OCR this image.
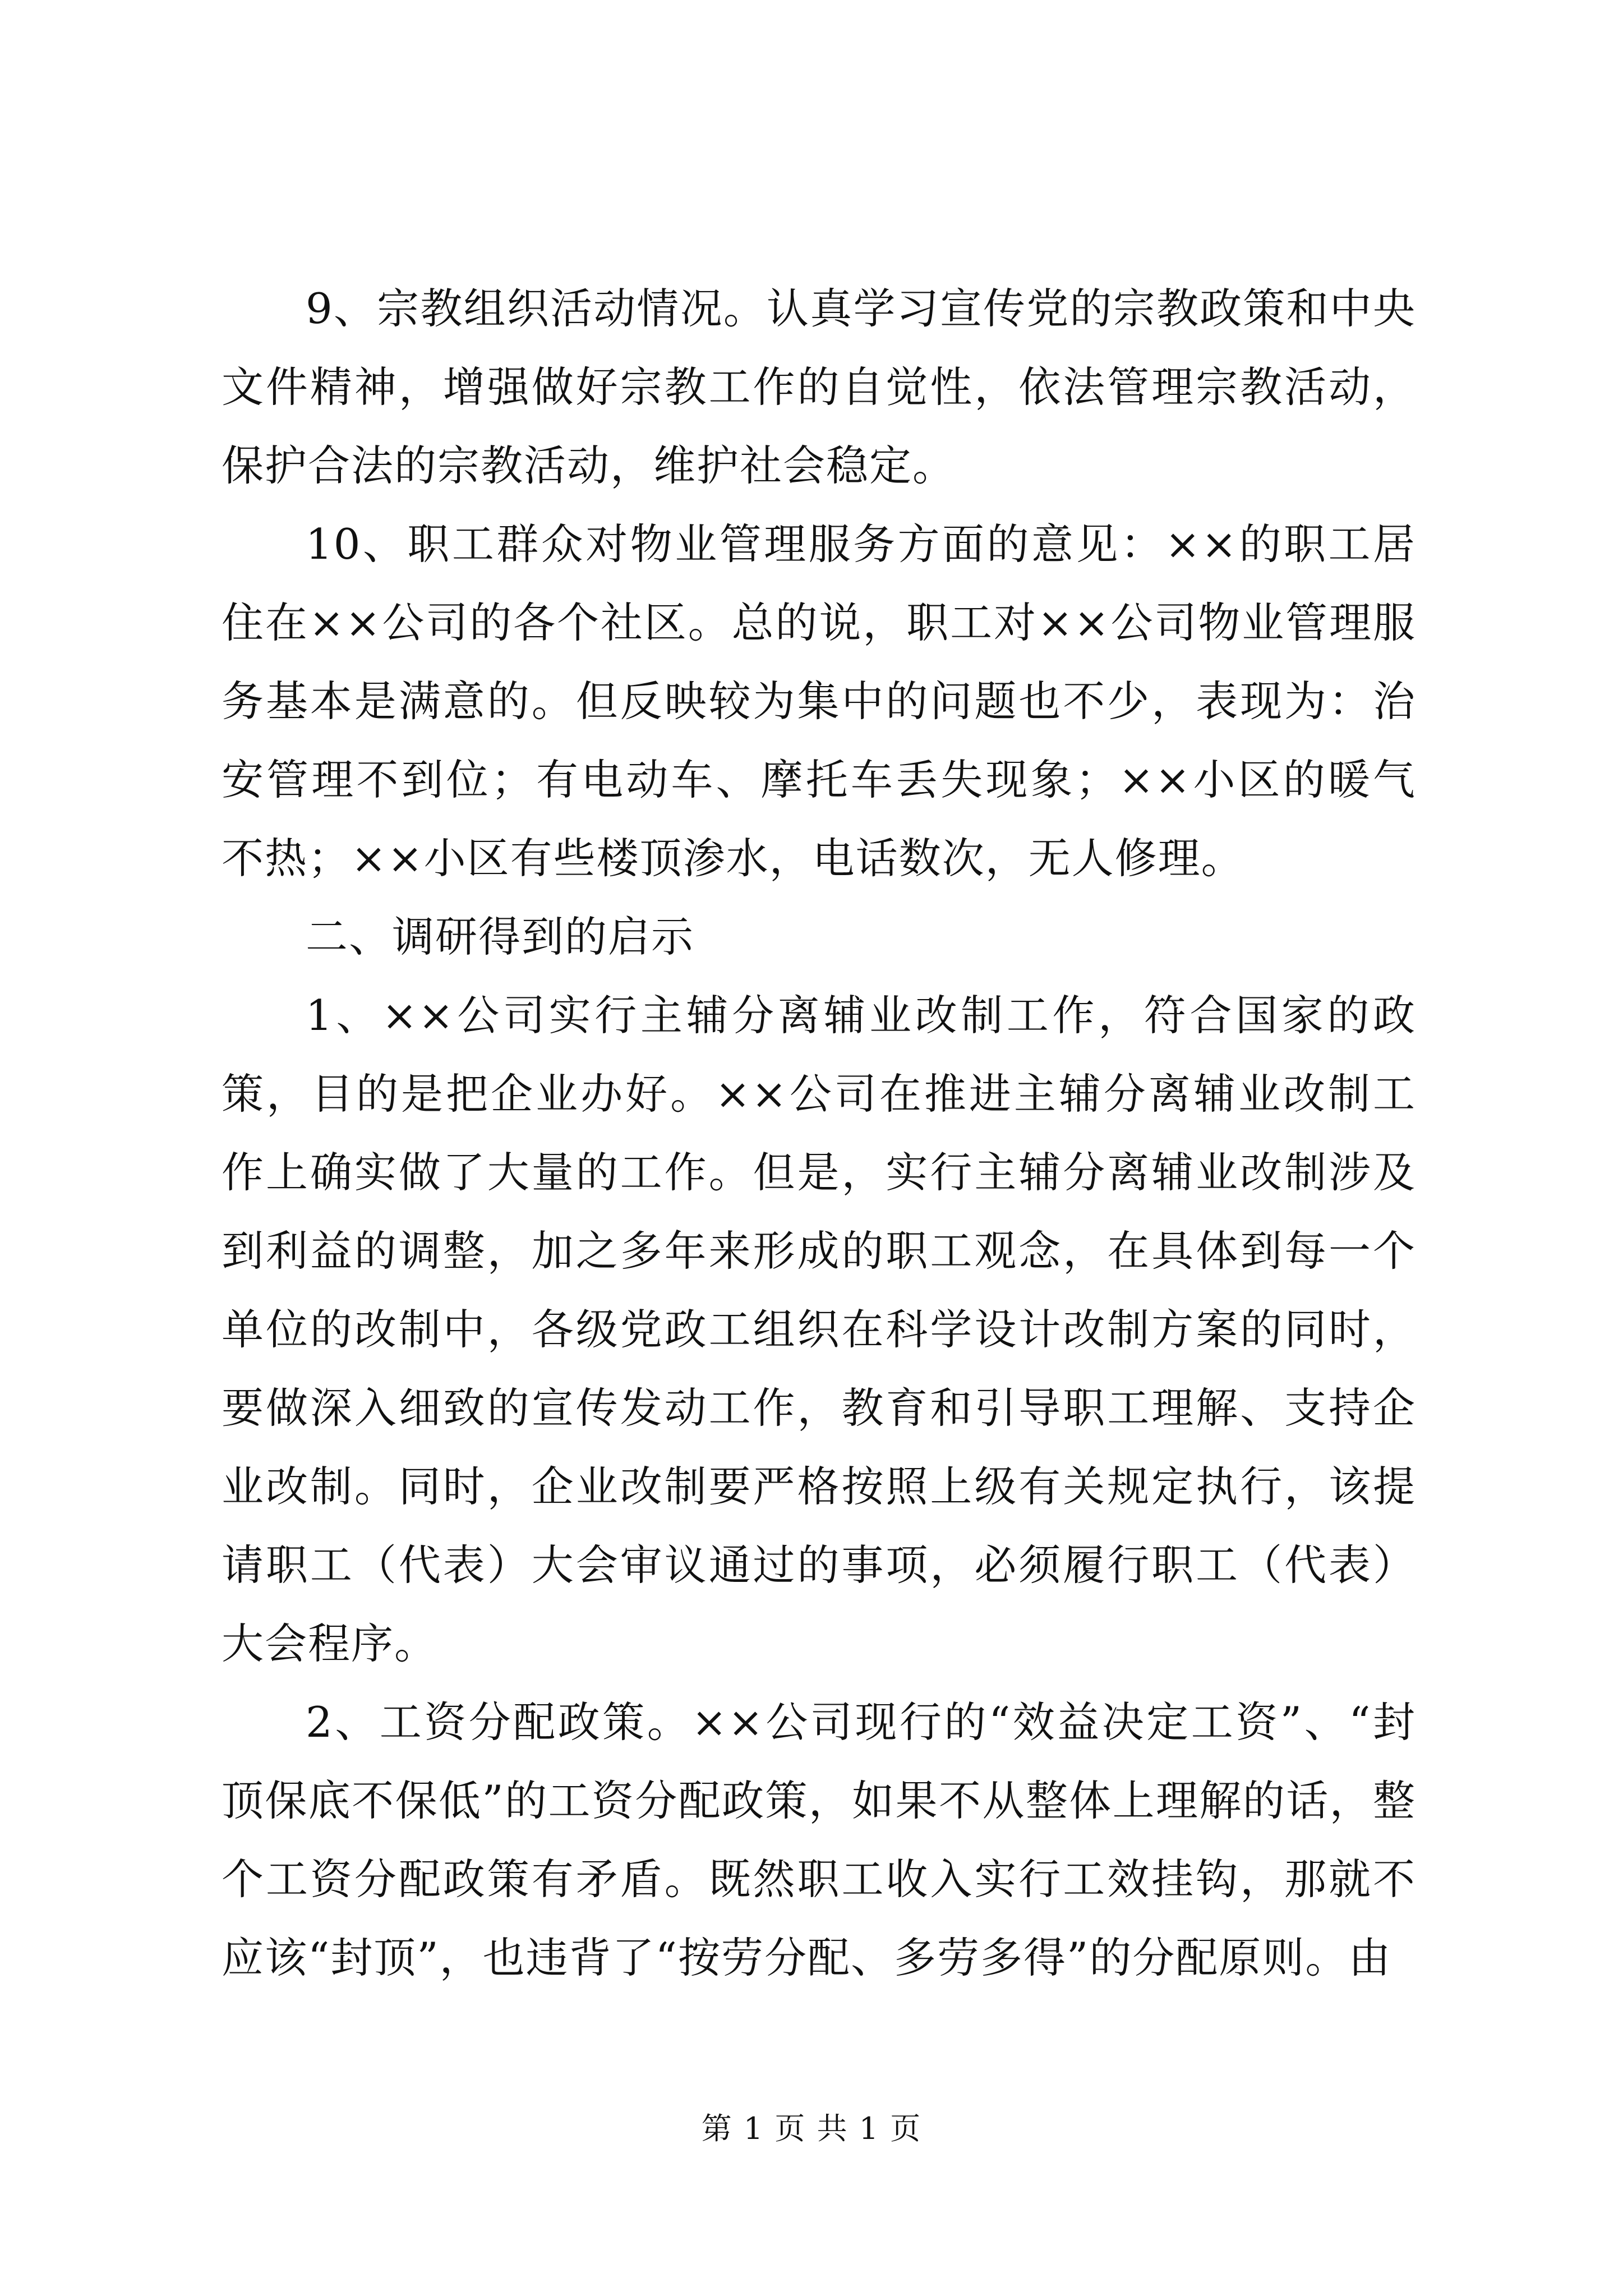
9、宗教组织活动情况。认真学习宣传党的宗教政策和中央文件精神，增强做好宗教工作的自觉性，依法管理宗教活动，保护合法的宗教活动，维护社会稳定。

10、职工群众对物业管理服务方面的意见：××的职工居住在××公司的各个社区。总的说，职工对××公司物业管理服务基本是满意的。但反映较为集中的问题也不少，表现为：治安管理不到位；有电动车、摩托车丢失现象；××小区的暖气不热；××小区有些楼顶渗水，电话数次，无人修理。

二、调研得到的启示

1、××公司实行主辅分离辅业改制工作，符合国家的政策，目的是把企业办好。××公司在推进主辅分离辅业改制工作上确实做了大量的工作。但是，实行主辅分离辅业改制涉及到利益的调整，加之多年来形成的职工观念，在具体到每一个单位的改制中，各级党政工组织在科学设计改制方案的同时，要做深入细致的宣传发动工作，教育和引导职工理解、支持企业改制。同时，企业改制要严格按照上级有关规定执行，该提请职工（代表）大会审议通过的事项，必须履行职工（代表）大会程序。

2、工资分配政策。××公司现行的“效益决定工资”、“封顶保底不保低”的工资分配政策，如果不从整体上理解的话，整个工资分配政策有矛盾。既然职工收入实行工效挂钩，那就不应该“封顶”，也违背了“按劳分配、多劳多得”的分配原则。由

第 1 页 共 1 页
